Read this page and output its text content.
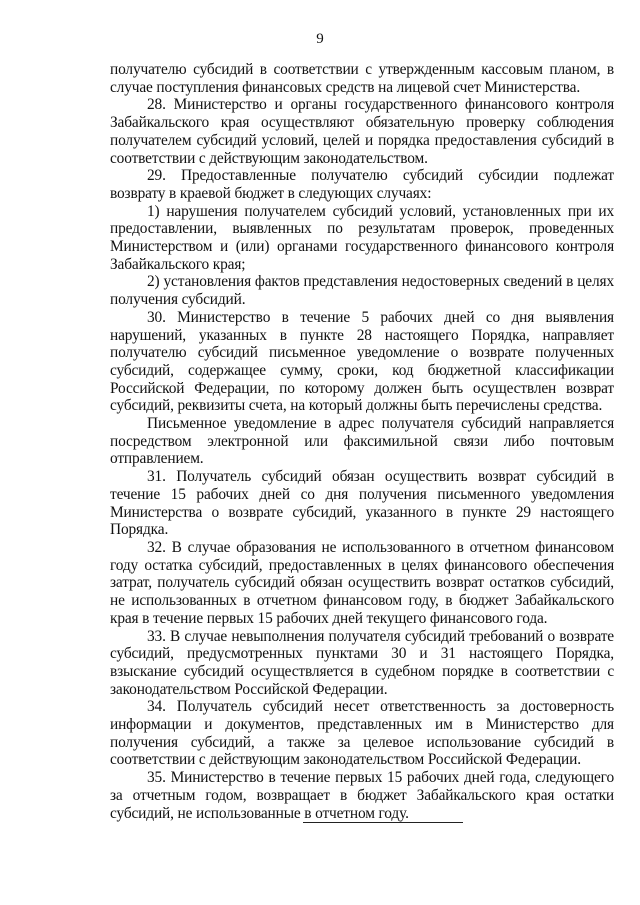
9

получателю субсидий в соответствии с утвержденным кассовым планом, в случае поступления финансовых средств на лицевой счет Министерства.

28. Министерство и органы государственного финансового контроля Забайкальского края осуществляют обязательную проверку соблюдения получателем субсидий условий, целей и порядка предоставления субсидий в соответствии с действующим законодательством.

29. Предоставленные получателю субсидий субсидии подлежат возврату в краевой бюджет в следующих случаях:

1) нарушения получателем субсидий условий, установленных при их предоставлении, выявленных по результатам проверок, проведенных Министерством и (или) органами государственного финансового контроля Забайкальского края;

2) установления фактов представления недостоверных сведений в целях получения субсидий.

30. Министерство в течение 5 рабочих дней со дня выявления нарушений, указанных в пункте 28 настоящего Порядка, направляет получателю субсидий письменное уведомление о возврате полученных субсидий, содержащее сумму, сроки, код бюджетной классификации Российской Федерации, по которому должен быть осуществлен возврат субсидий, реквизиты счета, на который должны быть перечислены средства.

Письменное уведомление в адрес получателя субсидий направляется посредством электронной или факсимильной связи либо почтовым отправлением.

31. Получатель субсидий обязан осуществить возврат субсидий в течение 15 рабочих дней со дня получения письменного уведомления Министерства о возврате субсидий, указанного в пункте 29 настоящего Порядка.

32. В случае образования не использованного в отчетном финансовом году остатка субсидий, предоставленных в целях финансового обеспечения затрат, получатель субсидий обязан осуществить возврат остатков субсидий, не использованных в отчетном финансовом году, в бюджет Забайкальского края в течение первых 15 рабочих дней текущего финансового года.

33. В случае невыполнения получателя субсидий требований о возврате субсидий, предусмотренных пунктами 30 и 31 настоящего Порядка, взыскание субсидий осуществляется в судебном порядке в соответствии с законодательством Российской Федерации.

34. Получатель субсидий несет ответственность за достоверность информации и документов, представленных им в Министерство для получения субсидий, а также за целевое использование субсидий в соответствии с действующим законодательством Российской Федерации.

35. Министерство в течение первых 15 рабочих дней года, следующего за отчетным годом, возвращает в бюджет Забайкальского края остатки субсидий, не использованные в отчетном году.
